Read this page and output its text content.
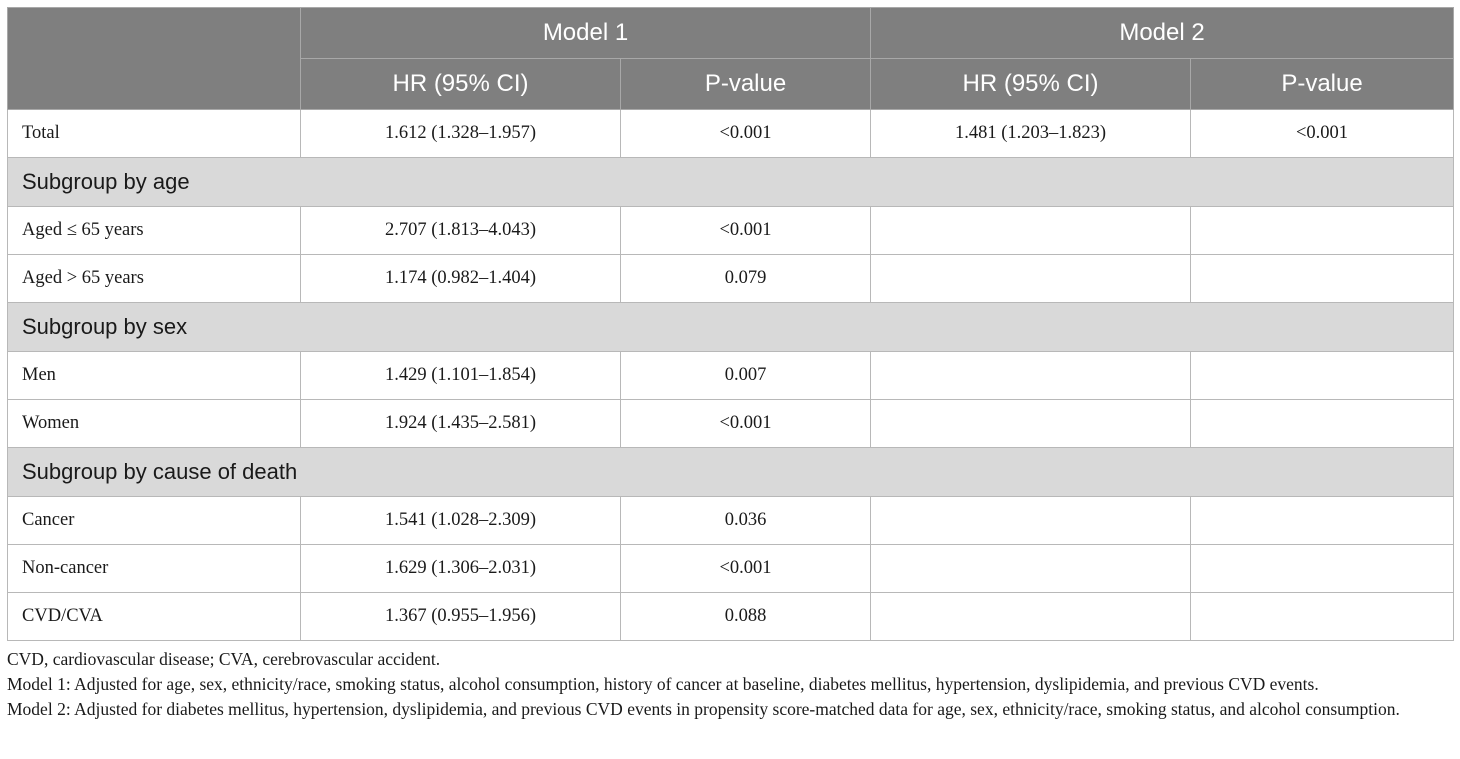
	Model 1		Model 2	
	HR (95% CI)	P-value	HR (95% CI)	P-value
Total	1.612 (1.328–1.957)	<0.001	1.481 (1.203–1.823)	<0.001
Subgroup by age				
Aged ≤ 65 years	2.707 (1.813–4.043)	<0.001		
Aged > 65 years	1.174 (0.982–1.404)	0.079		
Subgroup by sex				
Men	1.429 (1.101–1.854)	0.007		
Women	1.924 (1.435–2.581)	<0.001		
Subgroup by cause of death				
Cancer	1.541 (1.028–2.309)	0.036		
Non-cancer	1.629 (1.306–2.031)	<0.001		
CVD/CVA	1.367 (0.955–1.956)	0.088		

CVD, cardiovascular disease; CVA, cerebrovascular accident.

Model 1: Adjusted for age, sex, ethnicity/race, smoking status, alcohol consumption, history of cancer at baseline, diabetes mellitus, hypertension, dyslipidemia, and previous CVD events.

Model 2: Adjusted for diabetes mellitus, hypertension, dyslipidemia, and previous CVD events in propensity score-matched data for age, sex, ethnicity/race, smoking status, and alcohol consumption.
